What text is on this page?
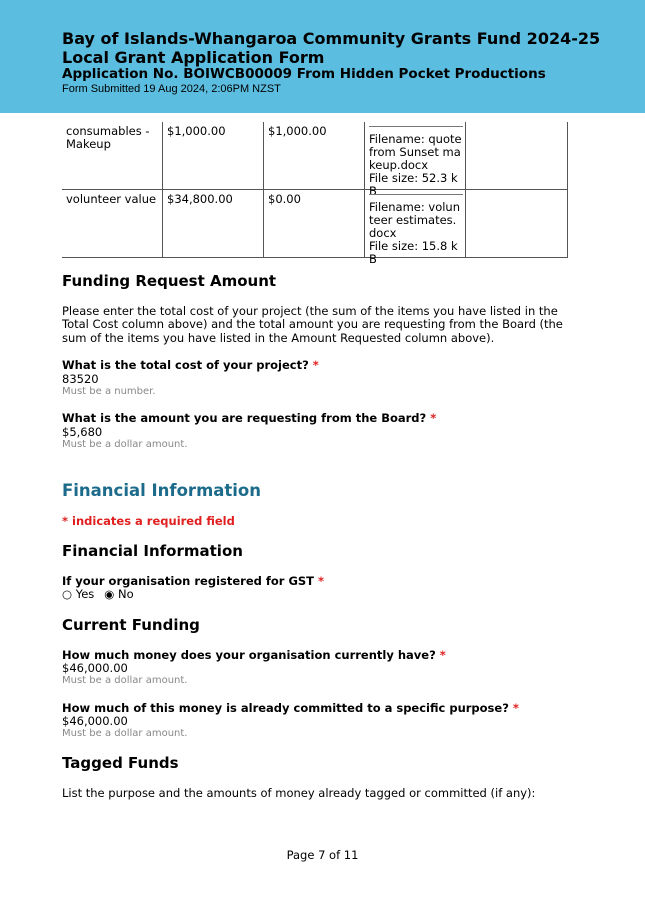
Bay of Islands-Whangaroa Community Grants Fund 2024-25
Local Grant Application Form
Application No. BOIWCB00009 From Hidden Pocket Productions
Form Submitted 19 Aug 2024, 2:06PM NZST
consumables - Makeup
$1,000.00	$1,000.00
Filename: quote from Sunset makeup.docx
File size: 52.3 kB
volunteer value $34,800.00	$0.00
Filename: volunteer estimates.docx
File size: 15.8 kB
Funding Request Amount
Please enter the total cost of your project (the sum of the items you have listed in the Total Cost column above) and the total amount you are requesting from the Board (the sum of the items you have listed in the Amount Requested column above).
What is the total cost of your project? *
83520
Must be a number.
What is the amount you are requesting from the Board? *
$5,680
Must be a dollar amount.
Financial Information
* indicates a required field
Financial Information
If your organisation registered for GST *
○ Yes ◉ No
Current Funding
How much money does your organisation currently have? *
$46,000.00
Must be a dollar amount.
How much of this money is already committed to a specific purpose? *
$46,000.00
Must be a dollar amount.
Tagged Funds
List the purpose and the amounts of money already tagged or committed (if any):
Page 7 of 11
